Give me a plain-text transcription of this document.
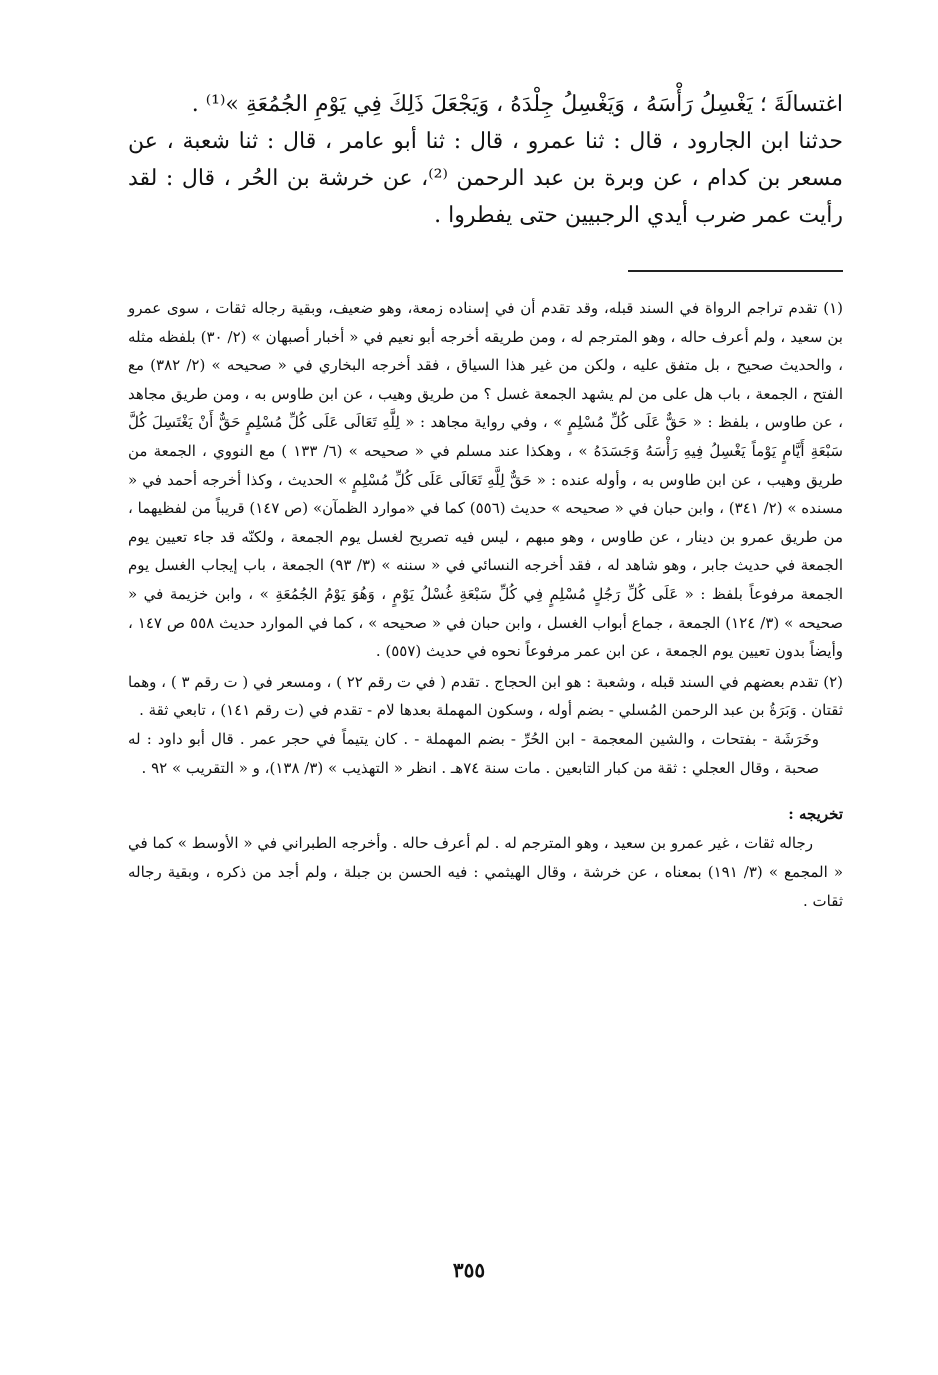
اغتسالَةَ ؛ يَغْسِلُ رَأْسَهُ ، وَيَغْسِلُ جِلْدَهُ ، وَيَجْعَلَ ذَلِكَ فِي يَوْمِ الجُمُعَةِ »⁽¹⁾ .

حدثنا ابن الجارود ، قال : ثنا عمرو ، قال : ثنا أبو عامر ، قال : ثنا شعبة ، عن مسعر بن كدام ، عن وبرة بن عبد الرحمن ⁽²⁾، عن خرشة بن الحُر ، قال : لقد رأيت عمر ضرب أيدي الرجبيين حتى يفطروا .

(١) تقدم تراجم الرواة في السند قبله، وقد تقدم أن في إسناده زمعة، وهو ضعيف، وبقية رجاله ثقات ، سوى عمرو بن سعيد ، ولم أعرف حاله ، وهو المترجم له ، ومن طريقه أخرجه أبو نعيم في « أخبار أصبهان » (٢/ ٣٠) بلفظه مثله ، والحديث صحيح ، بل متفق عليه ، ولكن من غير هذا السياق ، فقد أخرجه البخاري في « صحيحه » (٢/ ٣٨٢) مع الفتح ، الجمعة ، باب هل على من لم يشهد الجمعة غسل ؟ من طريق وهيب ، عن ابن طاوس به ، ومن طريق مجاهد ، عن طاوس ، بلفظ : « حَقٌّ عَلَى كُلِّ مُسْلِمٍ » ، وفي رواية مجاهد : « لِلَّهِ تَعَالَى عَلَى كُلِّ مُسْلِمٍ حَقٌّ أَنْ يَغْتَسِلَ كُلَّ سَبْعَةِ أَيَّامٍ يَوْماً يَغْسِلُ فِيهِ رَأْسَهُ وَجَسَدَهُ » ، وهكذا عند مسلم في « صحيحه » (٦/ ١٣٣ ) مع النووي ، الجمعة من طريق وهيب ، عن ابن طاوس به ، وأوله عنده : « حَقٌّ لِلَّهِ تَعَالَى عَلَى كُلِّ مُسْلِمٍ » الحديث ، وكذا أخرجه أحمد في « مسنده » (٢/ ٣٤١) ، وابن حبان في « صحيحه » حديث (٥٥٦) كما في «موارد الظمآن» (ص ١٤٧) قريباً من لفظيهما ، من طريق عمرو بن دينار ، عن طاوس ، وهو مبهم ، ليس فيه تصريح لغسل يوم الجمعة ، ولكنّه قد جاء تعيين يوم الجمعة في حديث جابر ، وهو شاهد له ، فقد أخرجه النسائي في « سننه » (٣/ ٩٣) الجمعة ، باب إيجاب الغسل يوم الجمعة مرفوعاً بلفظ : « عَلَى كُلِّ رَجُلٍ مُسْلِمٍ فِي كُلِّ سَبْعَةِ غُسْلُ يَوْمٍ ، وَهُوَ يَوْمُ الجُمُعَةِ » ، وابن خزيمة في « صحيحه » (٣/ ١٢٤) الجمعة ، جماع أبواب الغسل ، وابن حبان في « صحيحه » ، كما في الموارد حديث ٥٥٨ ص ١٤٧ ، وأيضاً بدون تعيين يوم الجمعة ، عن ابن عمر مرفوعاً نحوه في حديث (٥٥٧) .

(٢) تقدم بعضهم في السند قبله ، وشعبة : هو ابن الحجاج . تقدم ( في ت رقم ٢٢ ) ، ومسعر في ( ت رقم ٣ ) ، وهما ثقتان . وَبَرَةُ بن عبد الرحمن المُسلي - بضم أوله ، وسكون المهملة بعدها لام - تقدم في (ت رقم ١٤١) ، تابعي ثقة .

وخَرَشَة - بفتحات ، والشين المعجمة - ابن الحُرِّ - بضم المهملة - . كان يتيماً في حجر عمر . قال أبو داود : له صحبة ، وقال العجلي : ثقة من كبار التابعين . مات سنة ٧٤هـ . انظر « التهذيب » (٣/ ١٣٨)، و « التقريب » ٩٢ .

تخريجه :

رجاله ثقات ، غير عمرو بن سعيد ، وهو المترجم له . لم أعرف حاله . وأخرجه الطبراني في « الأوسط » كما في « المجمع » (٣/ ١٩١) بمعناه ، عن خرشة ، وقال الهيثمي : فيه الحسن بن جبلة ، ولم أجد من ذكره ، وبقية رجاله ثقات .

٣٥٥
